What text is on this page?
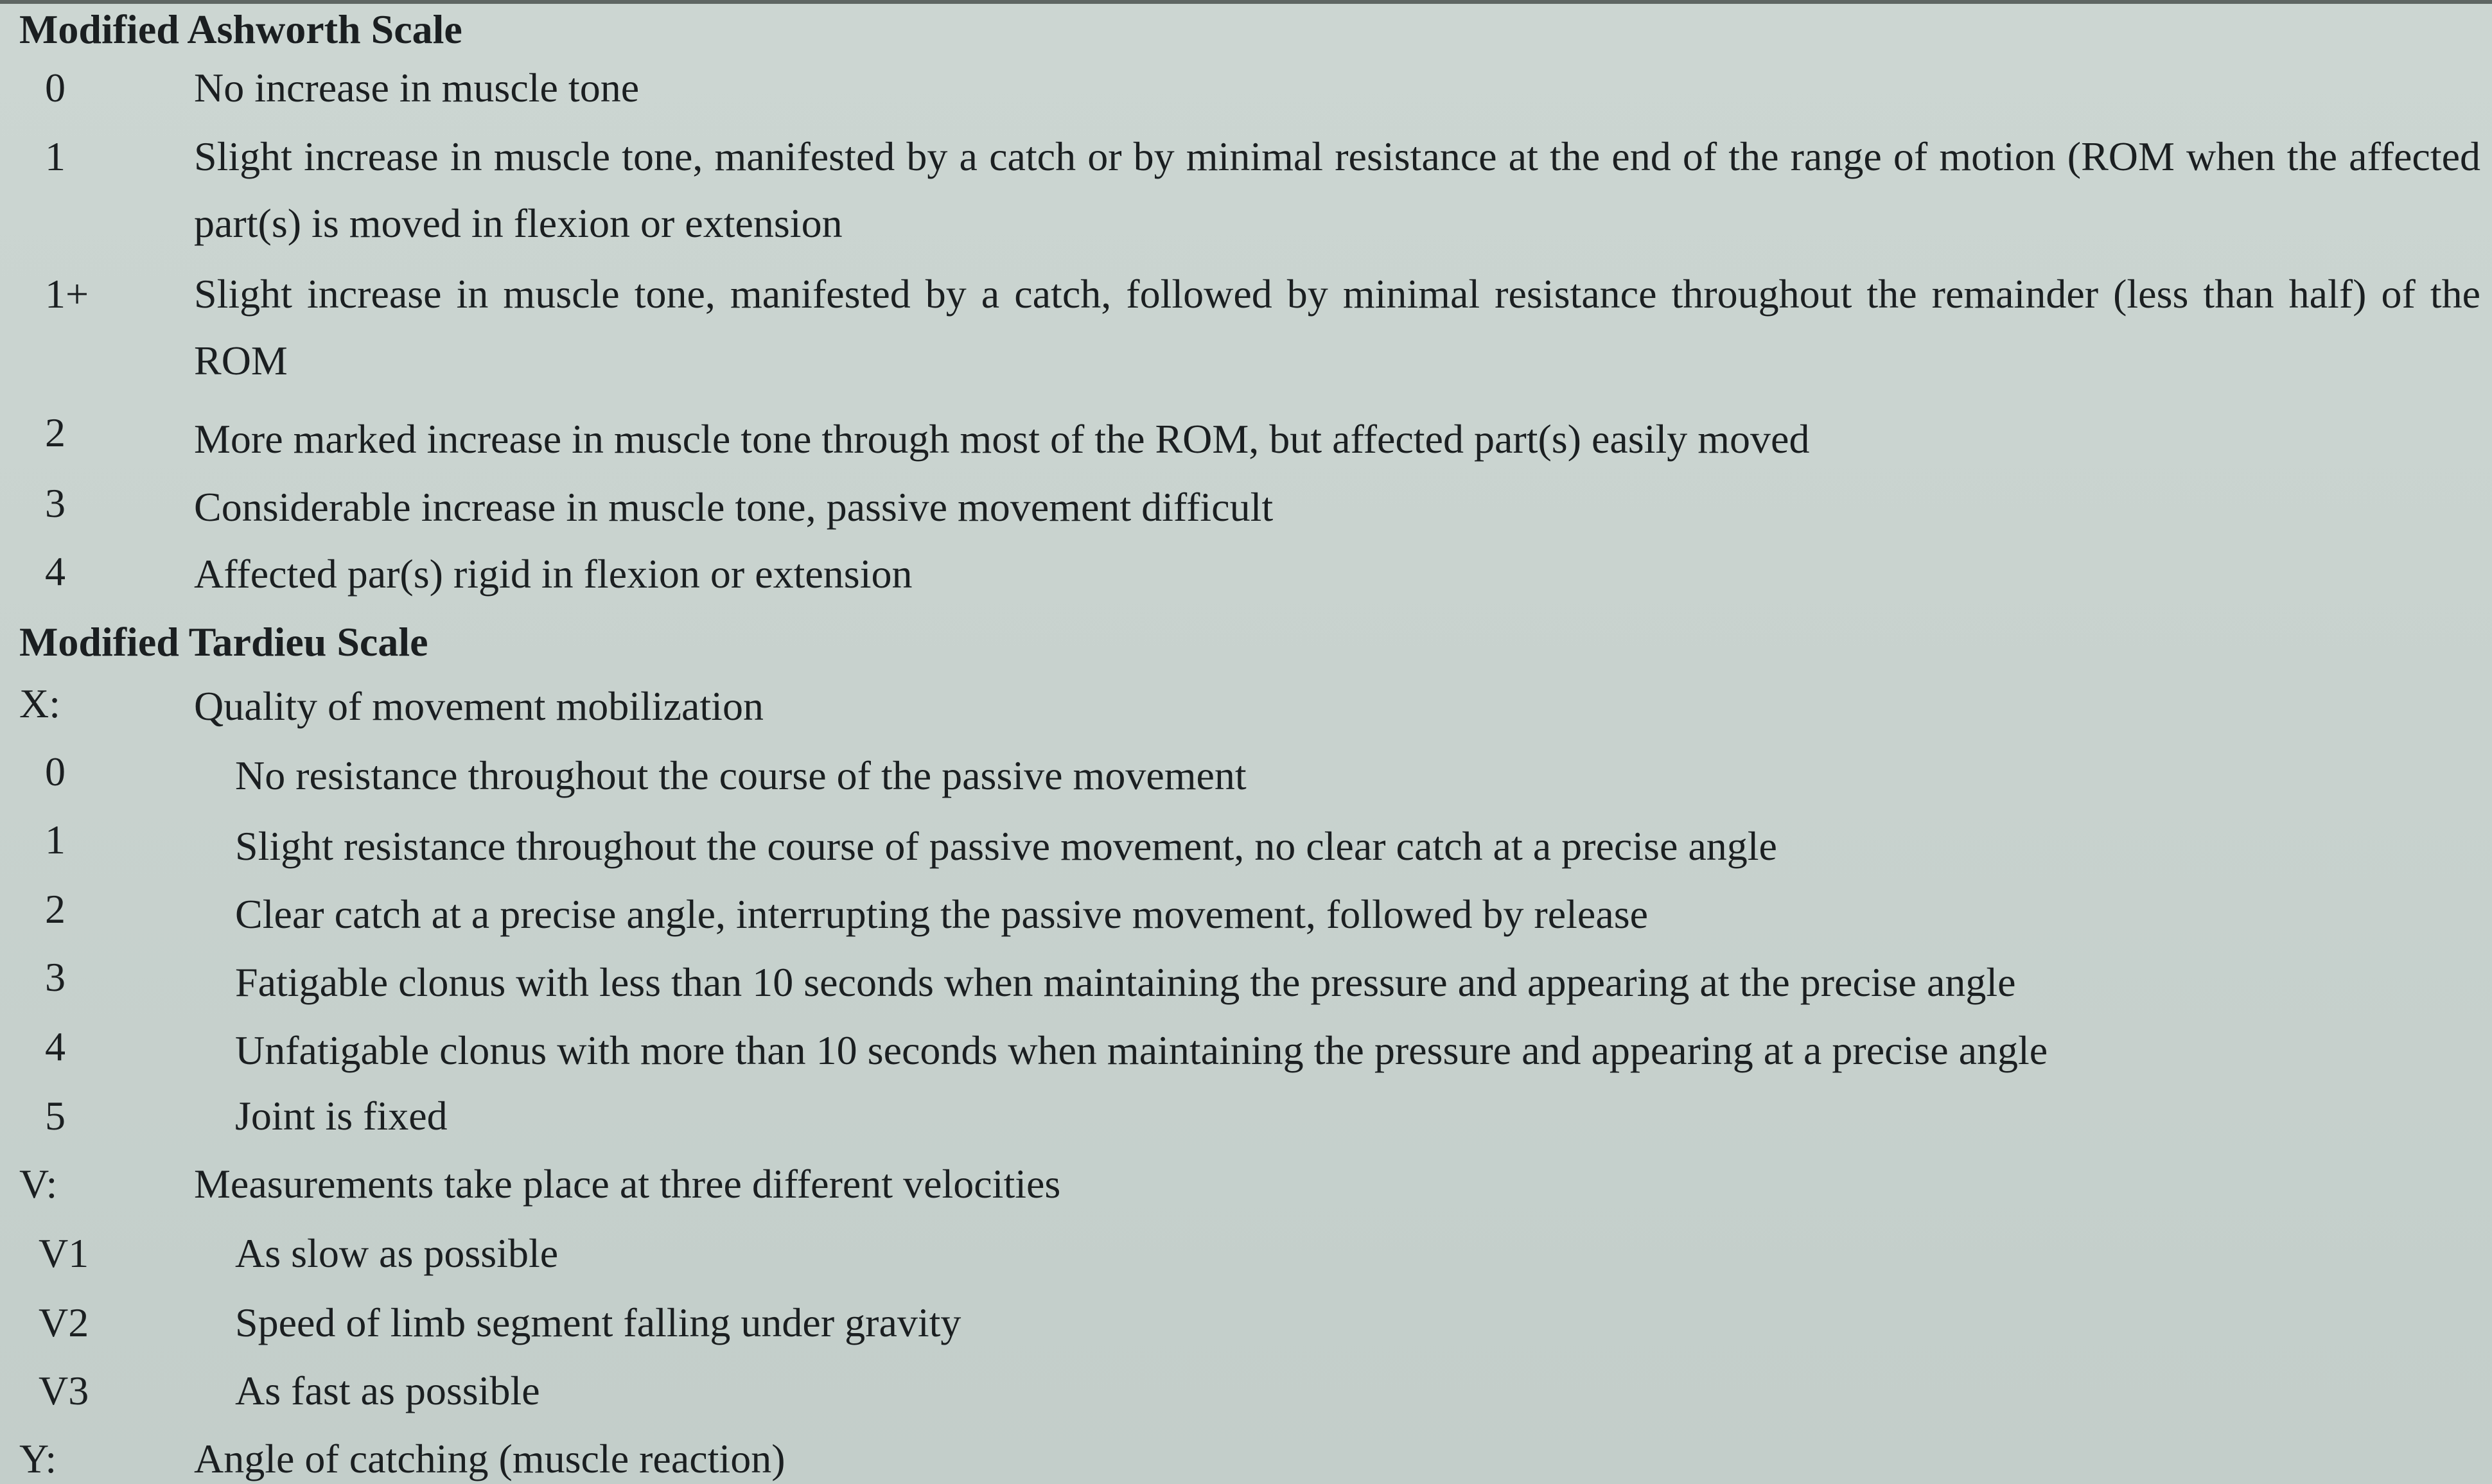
Modified Ashworth Scale
0	No increase in muscle tone
1	Slight increase in muscle tone, manifested by a catch or by minimal resistance at the end of the range of motion (ROM when the affected part(s) is moved in flexion or extension
1+	Slight increase in muscle tone, manifested by a catch, followed by minimal resistance throughout the remainder (less than half) of the ROM
2	More marked increase in muscle tone through most of the ROM, but affected part(s) easily moved
3	Considerable increase in muscle tone, passive movement difficult
4	Affected par(s) rigid in flexion or extension
Modified Tardieu Scale
X:	Quality of movement mobilization
0	No resistance throughout the course of the passive movement
1	Slight resistance throughout the course of passive movement, no clear catch at a precise angle
2	Clear catch at a precise angle, interrupting the passive movement, followed by release
3	Fatigable clonus with less than 10 seconds when maintaining the pressure and appearing at the precise angle
4	Unfatigable clonus with more than 10 seconds when maintaining the pressure and appearing at a precise angle
5	Joint is fixed
V:	Measurements take place at three different velocities
V1	As slow as possible
V2	Speed of limb segment falling under gravity
V3	As fast as possible
Y:	Angle of catching (muscle reaction)
